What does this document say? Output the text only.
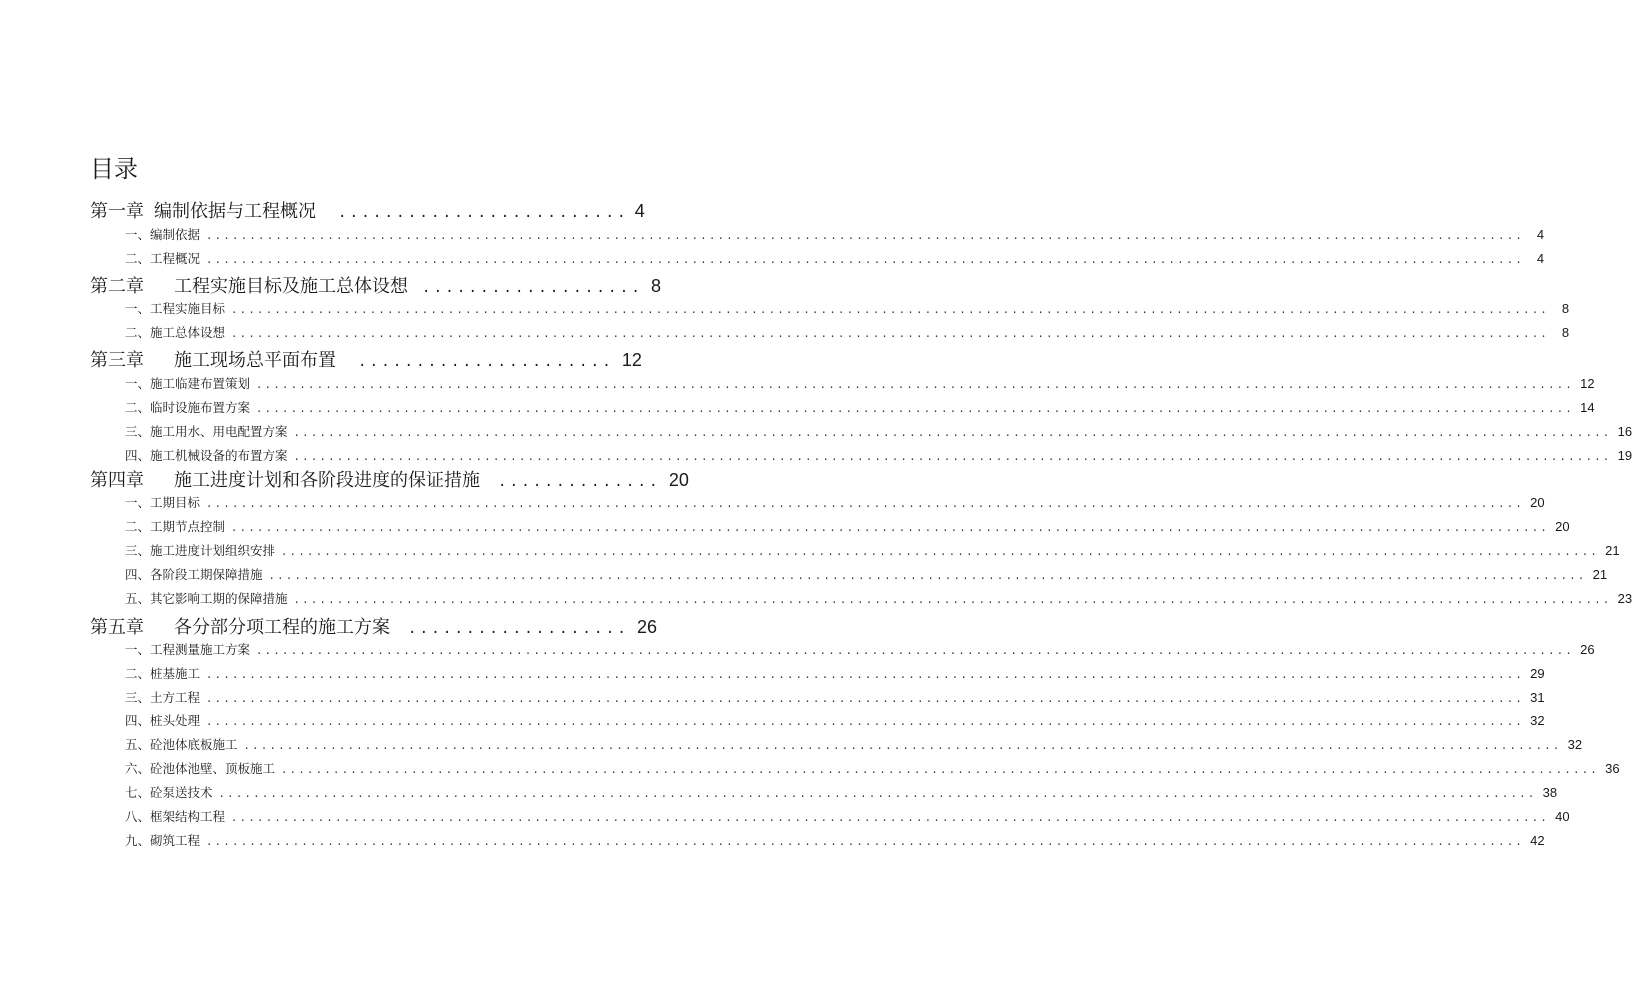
目录
第一章 编制依据与工程概况 ......................... 4
一、编制依据 ........................................................................................................................................................ 4
二、工程概况 ........................................................................................................................................................ 4
第二章 工程实施目标及施工总体设想 ................... 8
一、工程实施目标 ........................................................................................................................................................ 8
二、施工总体设想 ........................................................................................................................................................ 8
第三章 施工现场总平面布置 ...................... 12
一、施工临建布置策划 ........................................................................................................................................................ 12
二、临时设施布置方案 ........................................................................................................................................................ 14
三、施工用水、用电配置方案 ........................................................................................................................................................ 16
四、施工机械设备的布置方案 ........................................................................................................................................................ 19
第四章 施工进度计划和各阶段进度的保证措施 .............. 20
一、工期目标 ........................................................................................................................................................ 20
二、工期节点控制 ........................................................................................................................................................ 20
三、施工进度计划组织安排 ........................................................................................................................................................ 21
四、各阶段工期保障措施 ........................................................................................................................................................ 21
五、其它影响工期的保障措施 ........................................................................................................................................................ 23
第五章 各分部分项工程的施工方案 ................... 26
一、工程测量施工方案 ........................................................................................................................................................ 26
二、桩基施工 ........................................................................................................................................................ 29
三、土方工程 ........................................................................................................................................................ 31
四、桩头处理 ........................................................................................................................................................ 32
五、砼池体底板施工 ........................................................................................................................................................ 32
六、砼池体池壁、顶板施工 ........................................................................................................................................................ 36
七、砼泵送技术 ........................................................................................................................................................ 38
八、框架结构工程 ........................................................................................................................................................ 40
九、砌筑工程 ........................................................................................................................................................ 42
